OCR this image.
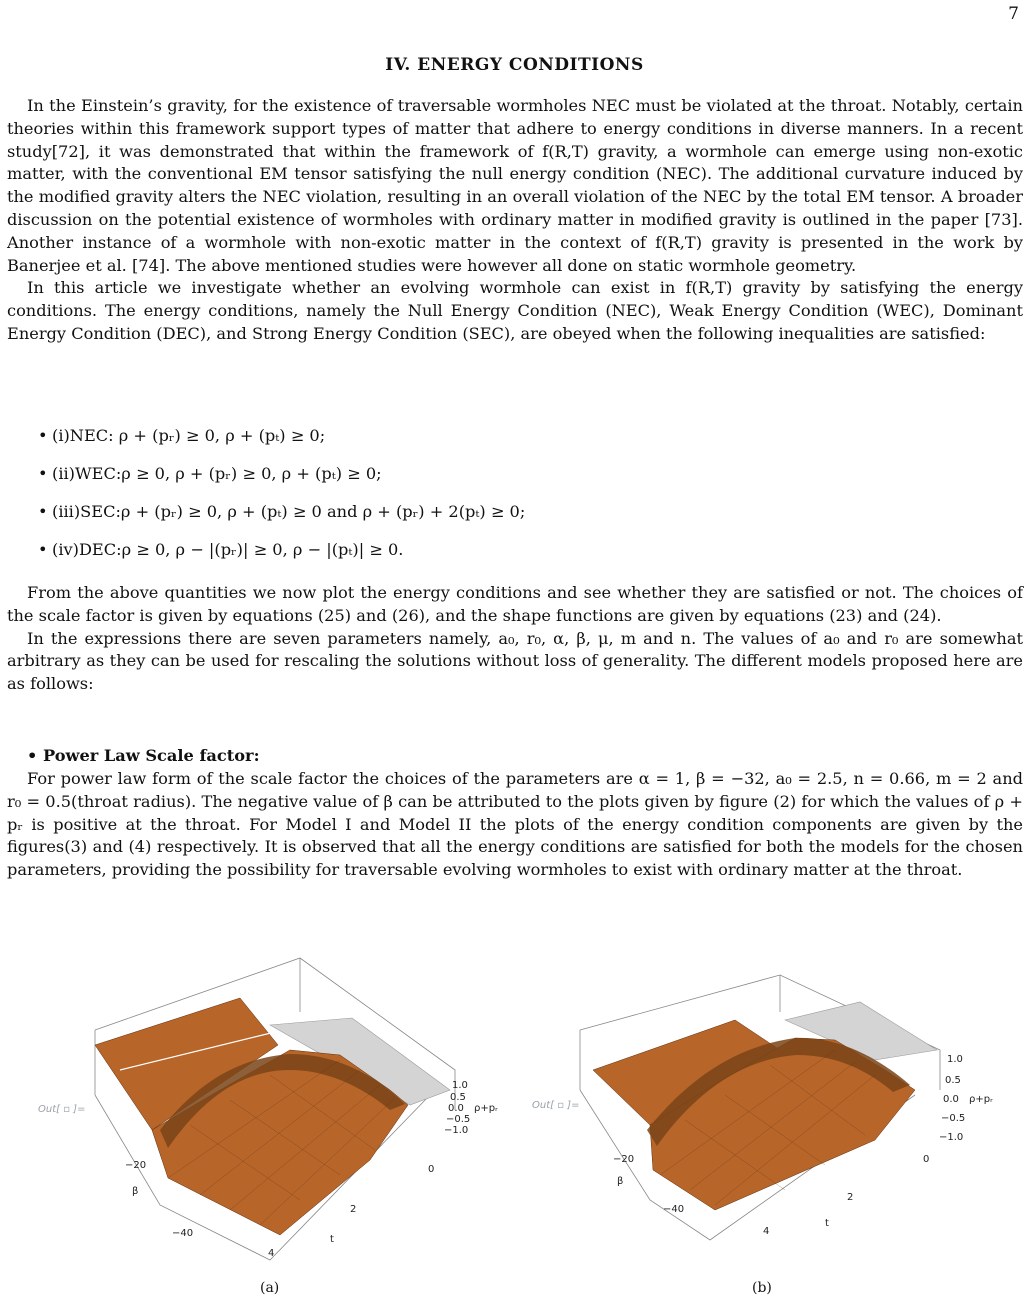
7
IV. ENERGY CONDITIONS

In the Einstein’s gravity, for the existence of traversable wormholes NEC must be violated at the throat. Notably, certain theories within this framework support types of matter that adhere to energy conditions in diverse manners. In a recent study[72], it was demonstrated that within the framework of f(R,T) gravity, a wormhole can emerge using non-exotic matter, with the conventional EM tensor satisfying the null energy condition (NEC). The additional curvature induced by the modified gravity alters the NEC violation, resulting in an overall violation of the NEC by the total EM tensor. A broader discussion on the potential existence of wormholes with ordinary matter in modified gravity is outlined in the paper [73]. Another instance of a wormhole with non-exotic matter in the context of f(R,T) gravity is presented in the work by Banerjee et al. [74]. The above mentioned studies were however all done on static wormhole geometry.

In this article we investigate whether an evolving wormhole can exist in f(R,T) gravity by satisfying the energy conditions. The energy conditions, namely the Null Energy Condition (NEC), Weak Energy Condition (WEC), Dominant Energy Condition (DEC), and Strong Energy Condition (SEC), are obeyed when the following inequalities are satisfied:

• (i)NEC: ρ + (pᵣ) ≥ 0, ρ + (pₜ) ≥ 0;
• (ii)WEC:ρ ≥ 0, ρ + (pᵣ) ≥ 0, ρ + (pₜ) ≥ 0;
• (iii)SEC:ρ + (pᵣ) ≥ 0, ρ + (pₜ) ≥ 0 and ρ + (pᵣ) + 2(pₜ) ≥ 0;
• (iv)DEC:ρ ≥ 0, ρ − |(pᵣ)| ≥ 0, ρ − |(pₜ)| ≥ 0.

From the above quantities we now plot the energy conditions and see whether they are satisfied or not. The choices of the scale factor is given by equations (25) and (26), and the shape functions are given by equations (23) and (24).

In the expressions there are seven parameters namely, a₀, r₀, α, β, μ, m and n. The values of a₀ and r₀ are somewhat arbitrary as they can be used for rescaling the solutions without loss of generality. The different models proposed here are as follows:

• Power Law Scale factor:

For power law form of the scale factor the choices of the parameters are α = 1, β = −32, a₀ = 2.5, n = 0.66, m = 2 and r₀ = 0.5(throat radius). The negative value of β can be attributed to the plots given by figure (2) for which the values of ρ + pᵣ is positive at the throat. For Model I and Model II the plots of the energy condition components are given by the figures(3) and (4) respectively. It is observed that all the energy conditions are satisfied for both the models for the chosen parameters, providing the possibility for traversable evolving wormholes to exist with ordinary matter at the throat.

Out[ ▫ ]=
−20
−40
β
0
2
4
t
1.0
0.5
0.0
−0.5
−1.0
ρ+pᵣ
(a)
Out[ ▫ ]=
−20
−40
β
0
2
4
t
1.0
0.5
0.0
−0.5
−1.0
ρ+pᵣ
(b)
